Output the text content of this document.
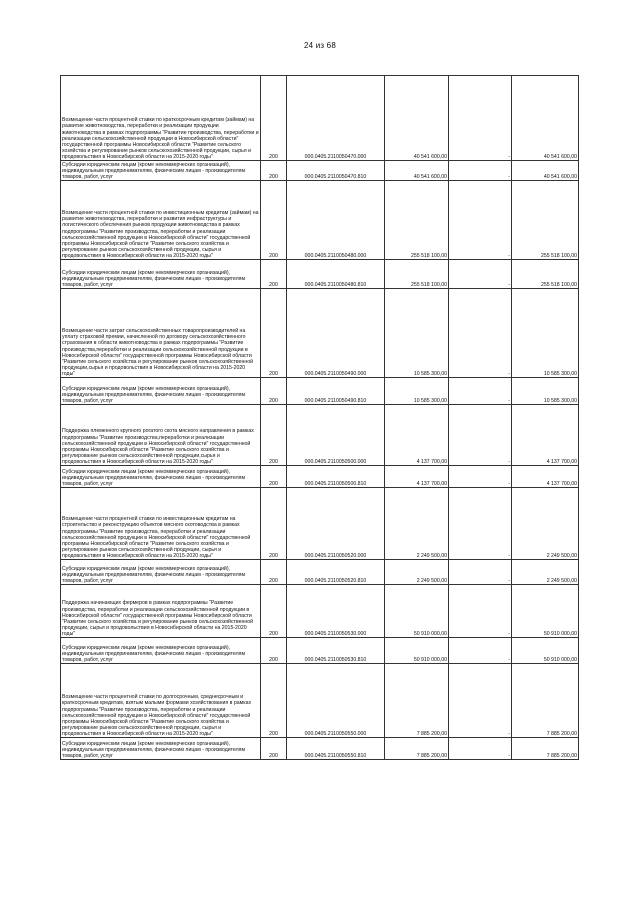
24 из 68
Возмещение части процентной ставки по краткосрочным кредитам (займам) на развитие животноводства, переработки и реализации продукции животноводства в рамках подпрограммы "Развитие производства, переработки и реализации сельскохозяйственной продукции в Новосибирской области" государственной программы Новосибирской области "Развитие сельского хозяйства и регулирование рынков сельскохозяйственной продукции, сырья и продовольствия в Новосибирской области на 2015-2020 годы"	200	000.0405.2110050470.000	40 541 600,00	-	40 541 600,00
Субсидии юридическим лицам (кроме некоммерческих организаций), индивидуальным предпринимателям, физическим лицам - производителям товаров, работ, услуг	200	000.0405.2110050470.810	40 541 600,00	-	40 541 600,00
Возмещение части процентной ставки по инвестиционным кредитам (займам) на развитие животноводства, переработки и развития инфраструктуры и логистического обеспечения рынков продукции животноводства в рамках подпрограммы "Развитие производства, переработки и реализации сельскохозяйственной продукции в Новосибирской области" государственной программы Новосибирской области "Развитие сельского хозяйства и регулирование рынков сельскохозяйственной продукции, сырья и продовольствия в Новосибирской области на 2015-2020 годы"	200	000.0405.2110050480.000	255 518 100,00	-	255 518 100,00
Субсидии юридическим лицам (кроме некоммерческих организаций), индивидуальным предпринимателям, физическим лицам - производителям товаров, работ, услуг	200	000.0405.2110050480.810	255 518 100,00	-	255 518 100,00
Возмещение части затрат сельскохозяйственных товаропроизводителей на уплату страховой премии, начисленной по договору сельскохозяйственного страхования в области животноводства в рамках подпрограммы "Развитие производства,переработки и реализации сельскохозяйственной продукции в Новосибирской области" государственной программы Новосибирской области "Развитие сельского хозяйства и регулирование рынков сельскохозяйственной продукции,сырья и продовольствия в Новосибирской области на 2015-2020 годы"	200	000.0405.2110050490.000	10 585 300,00	-	10 585 300,00
Субсидии юридическим лицам (кроме некоммерческих организаций), индивидуальным предпринимателям, физическим лицам - производителям товаров, работ, услуг	200	000.0405.2110050490.810	10 585 300,00	-	10 585 300,00
Поддержка племенного крупного рогатого скота мясного направления в рамках подпрограммы "Развитие производства,переработки и реализации сельскохозяйственной продукции в Новосибирской области" государственной программы Новосибирской области "Развитие сельского хозяйства и регулирование рынков сельскохозяйственной продукции,сырья и продовольствия в Новосибирской области на 2015-2020 годы"	200	000.0405.2110050500.000	4 137 700,00	-	4 137 700,00
Субсидии юридическим лицам (кроме некоммерческих организаций), индивидуальным предпринимателям, физическим лицам - производителям товаров, работ, услуг	200	000.0405.2110050500.810	4 137 700,00	-	4 137 700,00
Возмещение части процентной ставки по инвестиционным кредитам на строительство и реконструкцию объектов мясного скотоводства в рамках подпрограммы "Развитие производства, переработки и реализации сельскохозяйственной продукции в Новосибирской области" государственной программы Новосибирской области "Развитие сельского хозяйства и регулирование рынков сельскохозяйственной продукции, сырья и продовольствия в Новосибирской области на 2015-2020 годы"	200	000.0405.2110050520.000	2 249 500,00	-	2 249 500,00
Субсидии юридическим лицам (кроме некоммерческих организаций), индивидуальным предпринимателям, физическим лицам - производителям товаров, работ, услуг	200	000.0405.2110050520.810	2 249 500,00	-	2 249 500,00
Поддержка начинающих фермеров в рамках подпрограммы "Развитие производства, переработки и реализации сельскохозяйственной продукции в Новосибирской области" государственной программы Новосибирской области "Развитие сельского хозяйства и регулирование рынков сельскохозяйственной продукции, сырья и продовольствия в Новосибирской области на 2015-2020 годы"	200	000.0405.2110050530.000	50 910 000,00	-	50 910 000,00
Субсидии юридическим лицам (кроме некоммерческих организаций), индивидуальным предпринимателям, физическим лицам - производителям товаров, работ, услуг	200	000.0405.2110050530.810	50 910 000,00	-	50 910 000,00
Возмещение части процентной ставки по долгосрочным, среднесрочным и краткосрочным кредитам, взятым малыми формами хозяйствования в рамках подпрограммы "Развитие производства, переработки и реализации сельскохозяйственной продукции в Новосибирской области" государственной программы Новосибирской области "Развитие сельского хозяйства и регулирование рынков сельскохозяйственной продукции, сырья и продовольствия в Новосибирской области на 2015-2020 годы"	200	000.0405.2110050550.000	7 885 200,00	-	7 885 200,00
Субсидии юридическим лицам (кроме некоммерческих организаций), индивидуальным предпринимателям, физическим лицам - производителям товаров, работ, услуг	200	000.0405.2110050550.810	7 885 200,00	-	7 885 200,00
